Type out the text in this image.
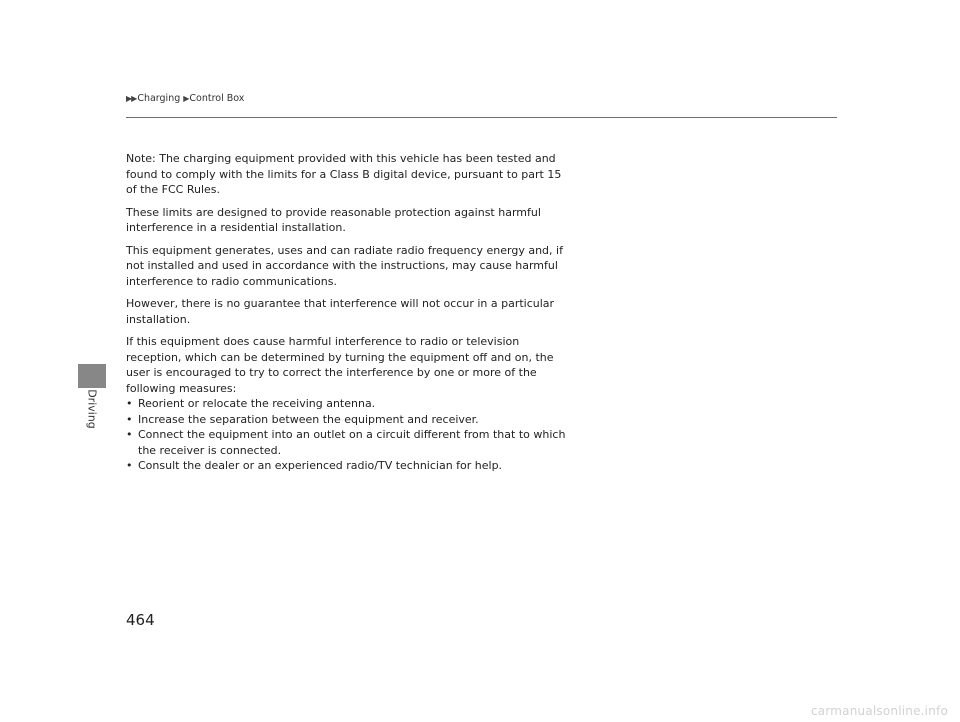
▶▶ Charging ▶ Control Box
Driving

Note: The charging equipment provided with this vehicle has been tested and found to comply with the limits for a Class B digital device, pursuant to part 15 of the FCC Rules.

These limits are designed to provide reasonable protection against harmful interference in a residential installation.

This equipment generates, uses and can radiate radio frequency energy and, if not installed and used in accordance with the instructions, may cause harmful interference to radio communications.

However, there is no guarantee that interference will not occur in a particular installation.

If this equipment does cause harmful interference to radio or television reception, which can be determined by turning the equipment off and on, the user is encouraged to try to correct the interference by one or more of the following measures:

• Reorient or relocate the receiving antenna.
• Increase the separation between the equipment and receiver.
• Connect the equipment into an outlet on a circuit different from that to which the receiver is connected.
• Consult the dealer or an experienced radio/TV technician for help.
464
carmanualsonline.info
